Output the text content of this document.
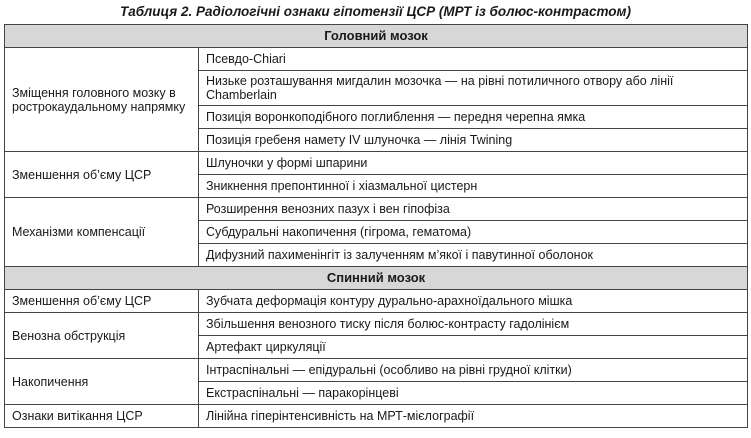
Таблиця 2. Радіологічні ознаки гіпотензії ЦСР (МРТ із болюс-контрастом)
Головний мозок	
Зміщення головного мозку в рострокаудальному напрямку	Псевдо-Chiari
	Низьке розташування мигдалин мозочка — на рівні потиличного отвору або лінії Chamberlain
	Позиція воронкоподібного поглиблення — передня черепна ямка
	Позиція гребеня намету IV шлуночка — лінія Twining
Зменшення об’єму ЦСР	Шлуночки у формі шпарини
	Зникнення препонтинної і хіазмальної цистерн
Механізми компенсації	Розширення венозних пазух і вен гіпофіза
	Субдуральні накопичення (гігрома, гематома)
	Дифузний пахименінгіт із залученням м’якої і павутинної оболонок
Спинний мозок	
Зменшення об’єму ЦСР	Зубчата деформація контуру дурально-арахноїдального мішка
Венозна обструкція	Збільшення венозного тиску після болюс-контрасту гадолінієм
	Артефакт циркуляції
Накопичення	Інтраспінальні — епідуральні (особливо на рівні грудної клітки)
	Екстраспінальні — паракорінцеві
Ознаки витікання ЦСР	Лінійна гіперінтенсивність на МРТ-мієлографії
